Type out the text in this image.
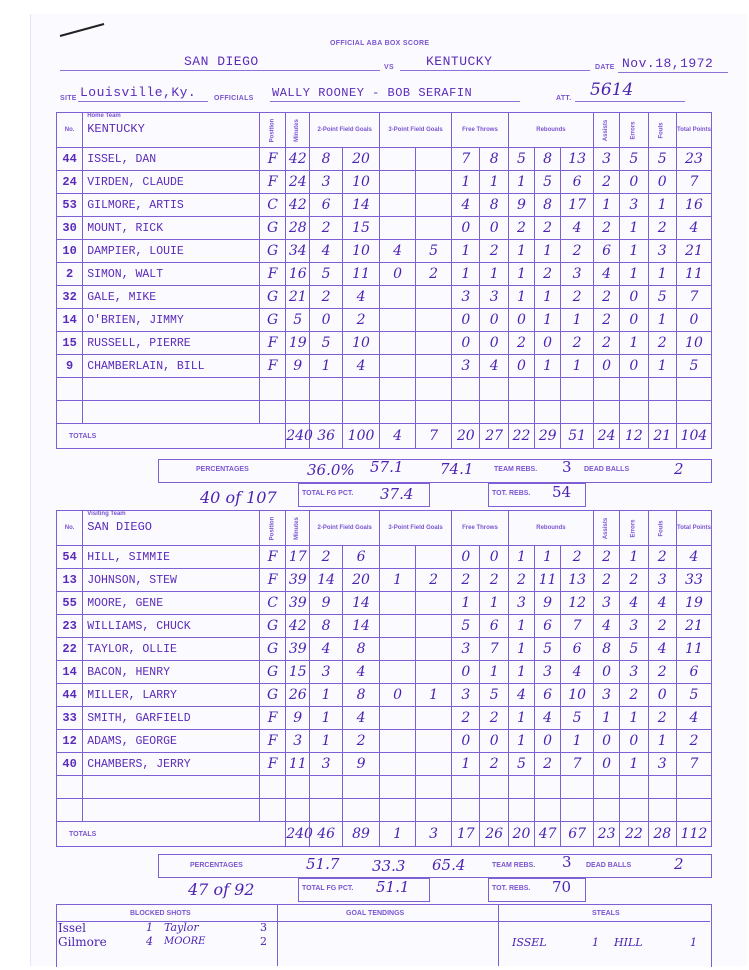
OFFICIAL ABA BOX SCORE
SAN DIEGO	VS KENTUCKY	DATE Nov.18,1972
SITE Louisville,Ky.	OFFICIALS WALLY ROONEY - BOB SERAFIN	ATT. 5614
No.	Home Team
KENTUCKY	Position	Minutes	2-Point Field Goals		3-Point Field Goals		Free Throws		Rebounds			Assists	Errors	Fouls	Total Points
44	ISSEL, DAN	F	42	8	20			7	8	5	8	13	3	5	5	23
24	VIRDEN, CLAUDE	F	24	3	10			1	1	1	5	6	2	0	0	7
53	GILMORE, ARTIS	C	42	6	14			4	8	9	8	17	1	3	1	16
30	MOUNT, RICK	G	28	2	15			0	0	2	2	4	2	1	2	4
10	DAMPIER, LOUIE	G	34	4	10	4	5	1	2	1	1	2	6	1	3	21
2	SIMON, WALT	F	16	5	11	0	2	1	1	1	2	3	4	1	1	11
32	GALE, MIKE	G	21	2	4			3	3	1	1	2	2	0	5	7
14	O'BRIEN, JIMMY	G	5	0	2			0	0	0	1	1	2	0	1	0
15	RUSSELL, PIERRE	F	19	5	10			0	0	2	0	2	2	1	2	10
9	CHAMBERLAIN, BILL	F	9	1	4			3	4	0	1	1	0	0	1	5

TOTALS			240	36	100	4	7	20	27	22	29	51	24	12	21	104
No.	Visiting Team
SAN DIEGO	Position	Minutes	2-Point Field Goals		3-Point Field Goals		Free Throws		Rebounds			Assists	Errors	Fouls	Total Points
54	HILL, SIMMIE	F	17	2	6			0	0	1	1	2	2	1	2	4
13	JOHNSON, STEW	F	39	14	20	1	2	2	2	2	11	13	2	2	3	33
55	MOORE, GENE	C	39	9	14			1	1	3	9	12	3	4	4	19
23	WILLIAMS, CHUCK	G	42	8	14			5	6	1	6	7	4	3	2	21
22	TAYLOR, OLLIE	G	39	4	8			3	7	1	5	6	8	5	4	11
14	BACON, HENRY	G	15	3	4			0	1	1	3	4	0	3	2	6
44	MILLER, LARRY	G	26	1	8	0	1	3	5	4	6	10	3	2	0	5
33	SMITH, GARFIELD	F	9	1	4			2	2	1	4	5	1	1	2	4
12	ADAMS, GEORGE	F	3	1	2			0	0	1	0	1	0	0	1	2
40	CHAMBERS, JERRY	F	11	3	9			1	2	5	2	7	0	1	3	7

TOTALS			240	46	89	1	3	17	26	20	47	67	23	22	28	112
PERCENTAGES	36.0% 57.1 74.1	TEAM REBS. 3 DEAD BALLS	2
40 of 107	TOTAL FG PCT. 37.4	TOT. REBS. 54
PERCENTAGES	51.7 33.3 65.4	TEAM REBS. 3 DEAD BALLS	2
47 of 92	TOTAL FG PCT. 51.1	TOT. REBS. 70
BLOCKED SHOTS	GOAL TENDINGS	STEALS
Issel	1 Taylor	3
Gilmore	4 MOORE	2	ISSEL	1 HILL	1
